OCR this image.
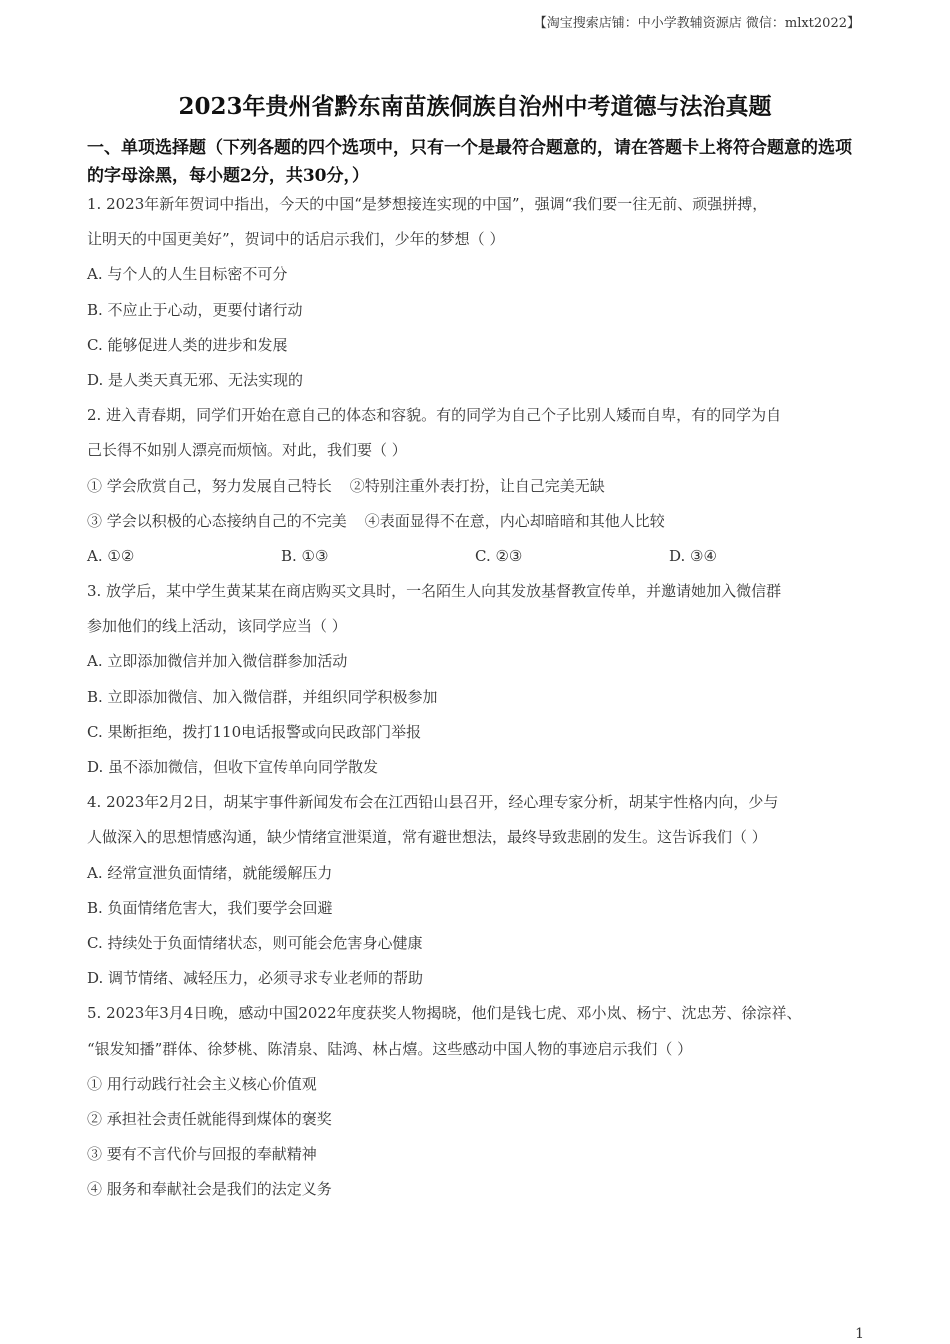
【淘宝搜索店铺：中小学教辅资源店 微信：mlxt2022】
2023年贵州省黔东南苗族侗族自治州中考道德与法治真题
一、单项选择题（下列各题的四个选项中，只有一个是最符合题意的，请在答题卡上将符合题意的选项的字母涂黑，每小题2分，共30分，）
1. 2023年新年贺词中指出，今天的中国“是梦想接连实现的中国”，强调“我们要一往无前、顽强拼搏，
让明天的中国更美好”，贺词中的话启示我们，少年的梦想（ ）
A. 与个人的人生目标密不可分
B. 不应止于心动，更要付诸行动
C. 能够促进人类的进步和发展
D. 是人类天真无邪、无法实现的
2. 进入青春期，同学们开始在意自己的体态和容貌。有的同学为自己个子比别人矮而自卑，有的同学为自
己长得不如别人漂亮而烦恼。对此，我们要（ ）
① 学会欣赏自己，努力发展自己特长 ②特别注重外表打扮，让自己完美无缺
③ 学会以积极的心态接纳自己的不完美 ④表面显得不在意，内心却暗暗和其他人比较
A. ①②	B. ①③	C. ②③	D. ③④
3. 放学后，某中学生黄某某在商店购买文具时，一名陌生人向其发放基督教宣传单，并邀请她加入微信群
参加他们的线上活动，该同学应当（ ）
A. 立即添加微信并加入微信群参加活动
B. 立即添加微信、加入微信群，并组织同学积极参加
C. 果断拒绝，拨打110电话报警或向民政部门举报
D. 虽不添加微信，但收下宣传单向同学散发
4. 2023年2月2日，胡某宇事件新闻发布会在江西铅山县召开，经心理专家分析，胡某宇性格内向，少与
人做深入的思想情感沟通，缺少情绪宣泄渠道，常有避世想法，最终导致悲剧的发生。这告诉我们（ ）
A. 经常宣泄负面情绪，就能缓解压力
B. 负面情绪危害大，我们要学会回避
C. 持续处于负面情绪状态，则可能会危害身心健康
D. 调节情绪、减轻压力，必须寻求专业老师的帮助
5. 2023年3月4日晚，感动中国2022年度获奖人物揭晓，他们是钱七虎、邓小岚、杨宁、沈忠芳、徐淙祥、
“银发知播”群体、徐梦桃、陈清泉、陆鸿、林占熺。这些感动中国人物的事迹启示我们（ ）
① 用行动践行社会主义核心价值观
② 承担社会责任就能得到煤体的褒奖
③ 要有不言代价与回报的奉献精神
④ 服务和奉献社会是我们的法定义务
1
